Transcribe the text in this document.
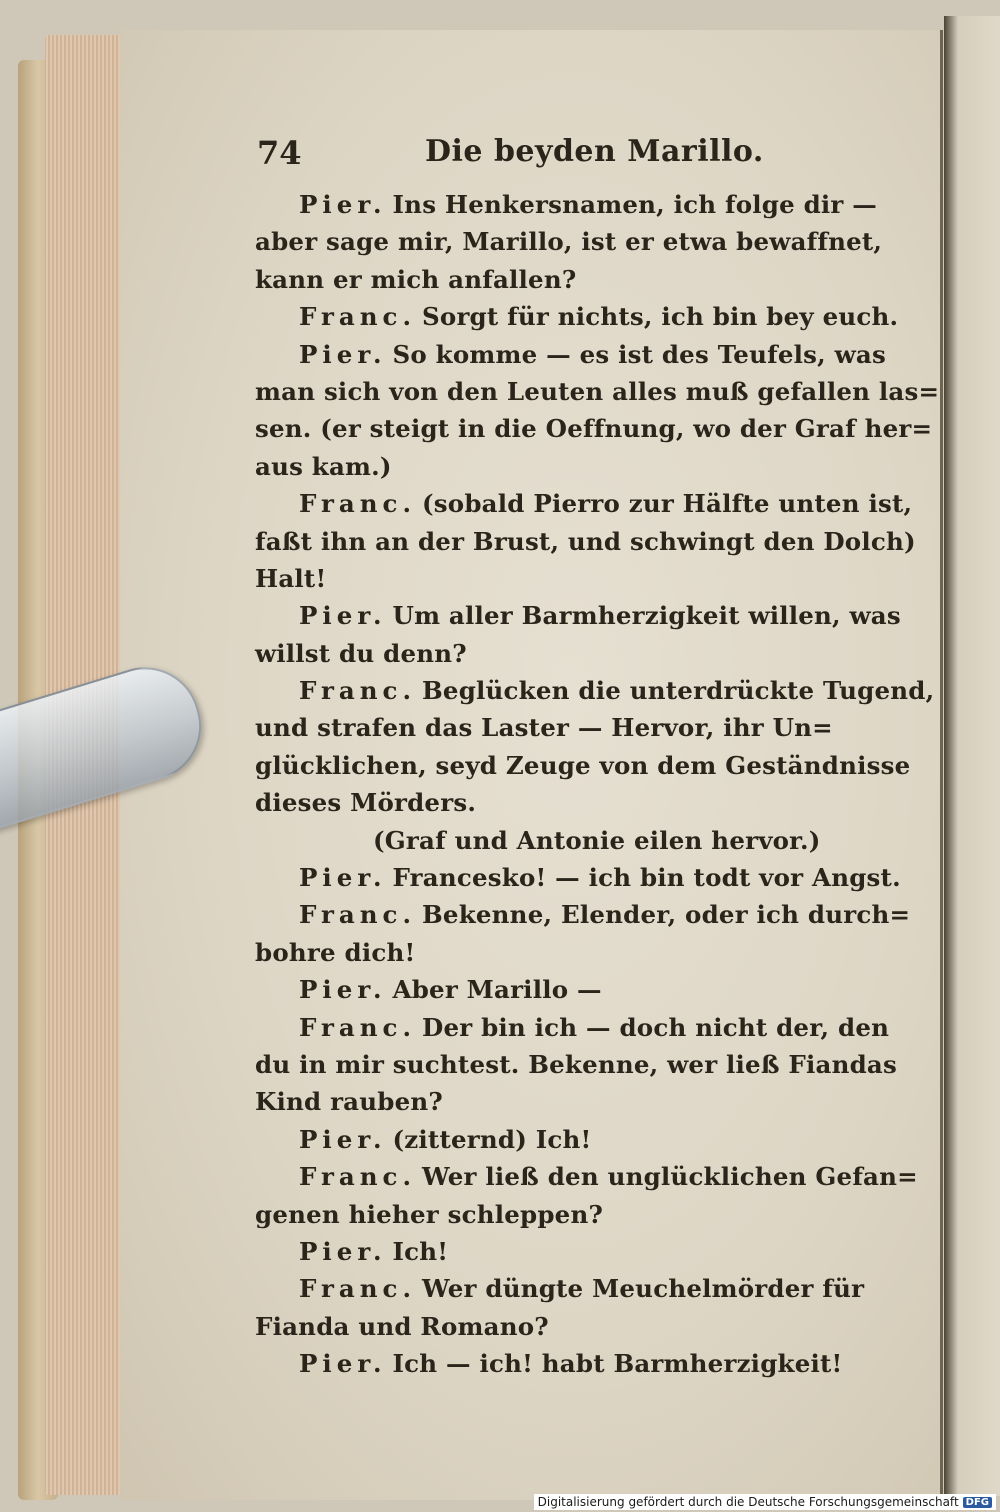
74	Die beyden Marillo.
Pier. Ins Henkersnamen, ich folge dir —
aber sage mir, Marillo, ist er etwa bewaffnet,
kann er mich anfallen?
Franc. Sorgt für nichts, ich bin bey euch.
Pier. So komme — es ist des Teufels, was
man sich von den Leuten alles muß gefallen las=
sen. (er steigt in die Oeffnung, wo der Graf her=
aus kam.)
Franc. (sobald Pierro zur Hälfte unten ist,
faßt ihn an der Brust, und schwingt den Dolch)
Halt!
Pier. Um aller Barmherzigkeit willen, was
willst du denn?
Franc. Beglücken die unterdrückte Tugend,
und strafen das Laster — Hervor, ihr Un=
glücklichen, seyd Zeuge von dem Geständnisse
dieses Mörders.
(Graf und Antonie eilen hervor.)
Pier. Francesko! — ich bin todt vor Angst.
Franc. Bekenne, Elender, oder ich durch=
bohre dich!
Pier. Aber Marillo —
Franc. Der bin ich — doch nicht der, den
du in mir suchtest. Bekenne, wer ließ Fiandas
Kind rauben?
Pier. (zitternd) Ich!
Franc. Wer ließ den unglücklichen Gefan=
genen hieher schleppen?
Pier. Ich!
Franc. Wer düngte Meuchelmörder für
Fianda und Romano?
Pier. Ich — ich! habt Barmherzigkeit!
Digitalisierung gefördert durch die Deutsche Forschungsgemeinschaft DFG
